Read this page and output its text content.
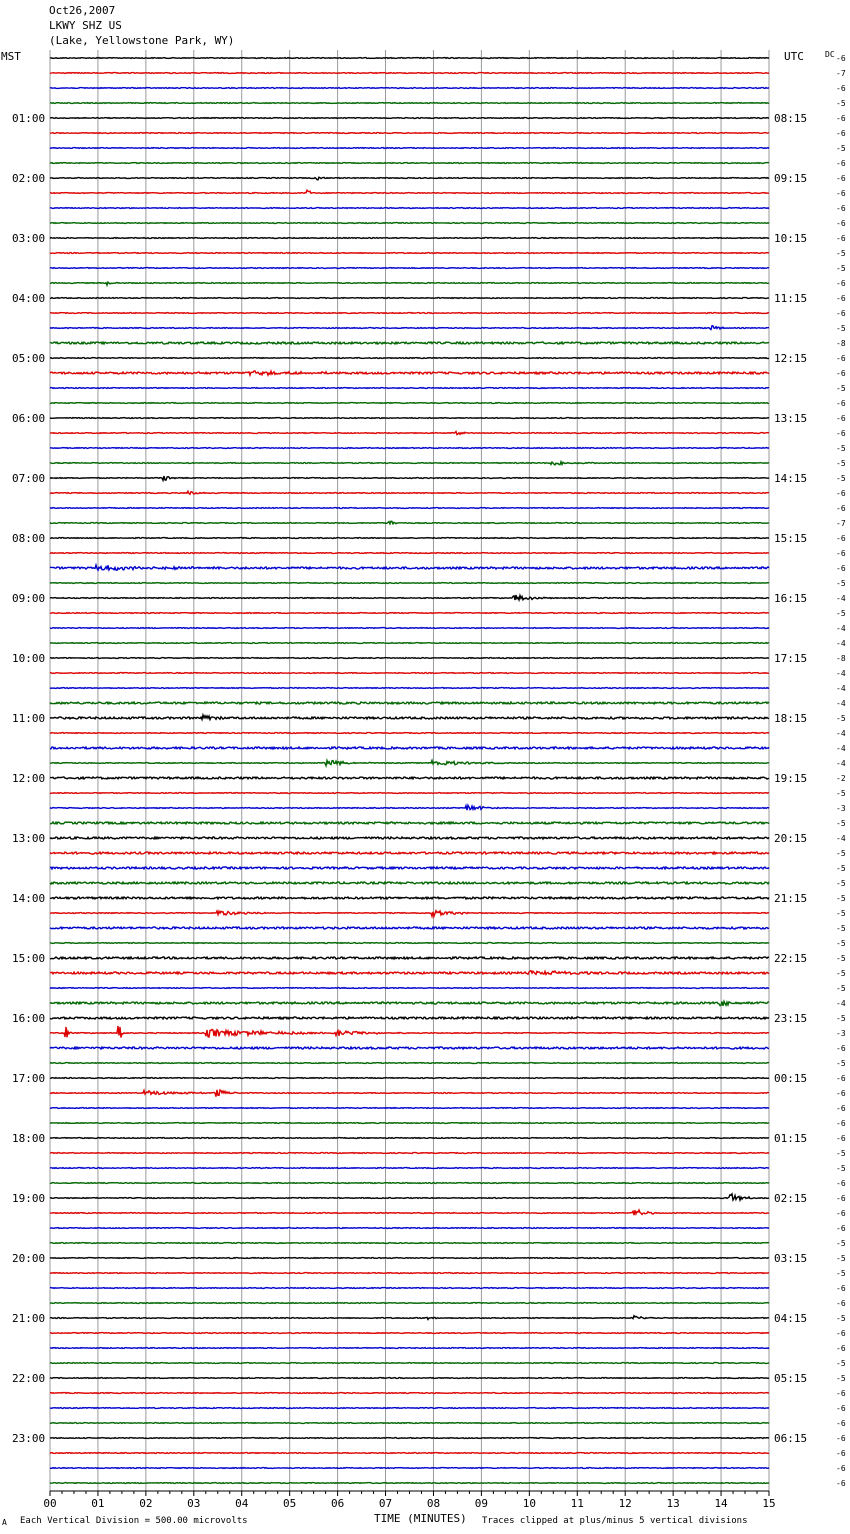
Oct26,2007
LKWY SHZ US
(Lake, Yellowstone Park, WY)
MST	UTC	DC
00	01	02	03	04	05	06	07	08	09	10	11	12	13	14	15
-6
-7
-6
-5
-6
-6
-5
-6
-6
-6
-6
-6
-6
-5
-5
-6
-6
-6
-5
-8
-6
-6
-5
-6
-6
-6
-5
-5
-5
-6
-6
-7
-6
-6
-6
-5
-4
-5
-4
-4
-8
-4
-4
-4
-5
-4
-4
-4
-2
-5
-3
-5
-4
-5
-5
-5
-5
-5
-5
-5
-5
-5
-5
-4
-5
-3
-6
-5
-6
-6
-6
-6
-6
-5
-5
-6
-6
-6
-6
-5
-5
-5
-6
-6
-5
-6
-6
-5
-5
-6
-6
-6
-6
-6
-6
-6
01:00
02:00
03:00
04:00
05:00
06:00
07:00
08:00
09:00
10:00
11:00
12:00
13:00
14:00
15:00
16:00
17:00
18:00
19:00
20:00
21:00
22:00
23:00
08:15
09:15
10:15
11:15
12:15
13:15
14:15
15:15
16:15
17:15
18:15
19:15
20:15
21:15
22:15
23:15
00:15
01:15
02:15
03:15
04:15
05:15
06:15
A Each Vertical Division = 500.00 microvolts	TIME (MINUTES) Traces clipped at plus/minus 5 vertical divisions
